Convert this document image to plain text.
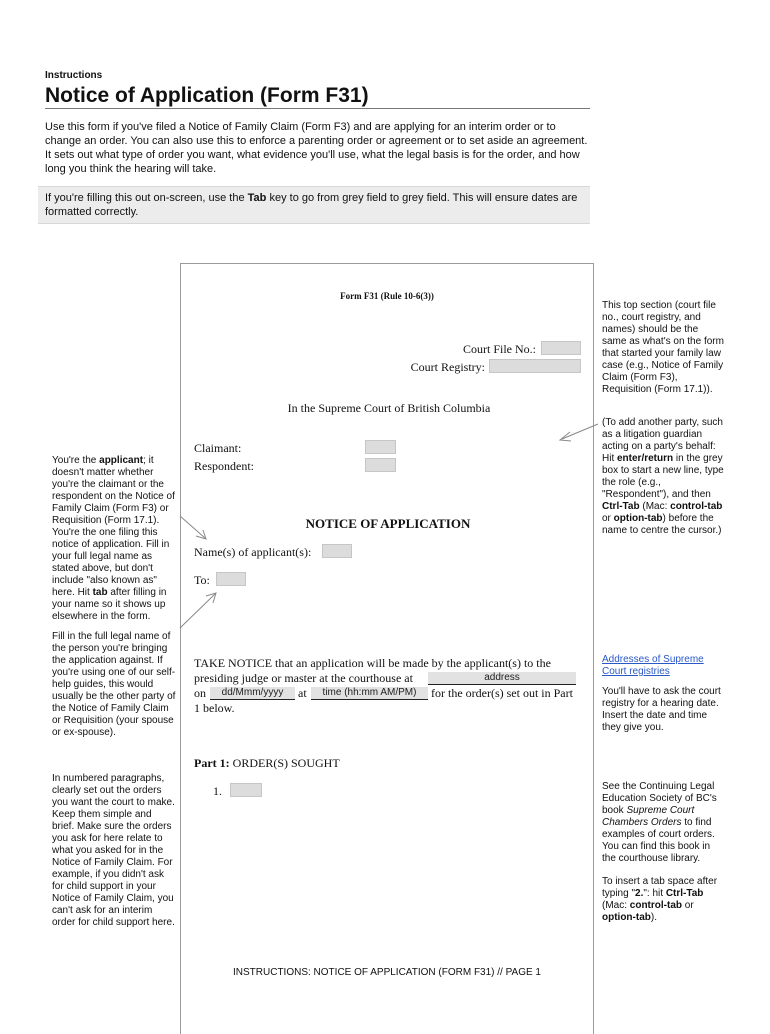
Instructions
Notice of Application (Form F31)
Use this form if you've filed a Notice of Family Claim (Form F3) and are applying for an interim order or to change an order. You can also use this to enforce a parenting order or agreement or to set aside an agreement. It sets out what type of order you want, what evidence you'll use, what the legal basis is for the order, and how long you think the hearing will take.
If you're filling this out on-screen, use the Tab key to go from grey field to grey field. This will ensure dates are formatted correctly.
Form F31 (Rule 10-6(3))
Court File No.:
Court Registry:
In the Supreme Court of British Columbia
Claimant:
Respondent:
NOTICE OF APPLICATION
Name(s) of applicant(s):
To:
TAKE NOTICE that an application will be made by the applicant(s) to the
presiding judge or master at the courthouse at	address
on	dd/Mmm/yyyy	at	time (hh:mm AM/PM)	for the order(s) set out in Part
1 below.
Part 1: ORDER(S) SOUGHT
1.
You're the applicant; it doesn't matter whether you're the claimant or the respondent on the Notice of Family Claim (Form F3) or Requisition (Form 17.1). You're the one filing this notice of application. Fill in your full legal name as stated above, but don't include "also known as" here. Hit tab after filling in your name so it shows up elsewhere in the form.
Fill in the full legal name of the person you're bringing the application against. If you're using one of our self-help guides, this would usually be the other party of the Notice of Family Claim or Requisition (your spouse or ex-spouse).
In numbered paragraphs, clearly set out the orders you want the court to make. Keep them simple and brief. Make sure the orders you ask for here relate to what you asked for in the Notice of Family Claim. For example, if you didn't ask for child support in your Notice of Family Claim, you can't ask for an interim order for child support here.
This top section (court file no., court registry, and names) should be the same as what's on the form that started your family law case (e.g., Notice of Family Claim (Form F3), Requisition (Form 17.1)).
(To add another party, such as a litigation guardian acting on a party's behalf: Hit enter/return in the grey box to start a new line, type the role (e.g., "Respondent"), and then Ctrl-Tab (Mac: control-tab or option-tab) before the name to centre the cursor.)
Addresses of Supreme Court registries
You'll have to ask the court registry for a hearing date. Insert the date and time they give you.
See the Continuing Legal Education Society of BC's book Supreme Court Chambers Orders to find examples of court orders. You can find this book in the courthouse library.
To insert a tab space after typing "2.": hit Ctrl-Tab (Mac: control-tab or option-tab).
INSTRUCTIONS: NOTICE OF APPLICATION (FORM F31) // PAGE 1
